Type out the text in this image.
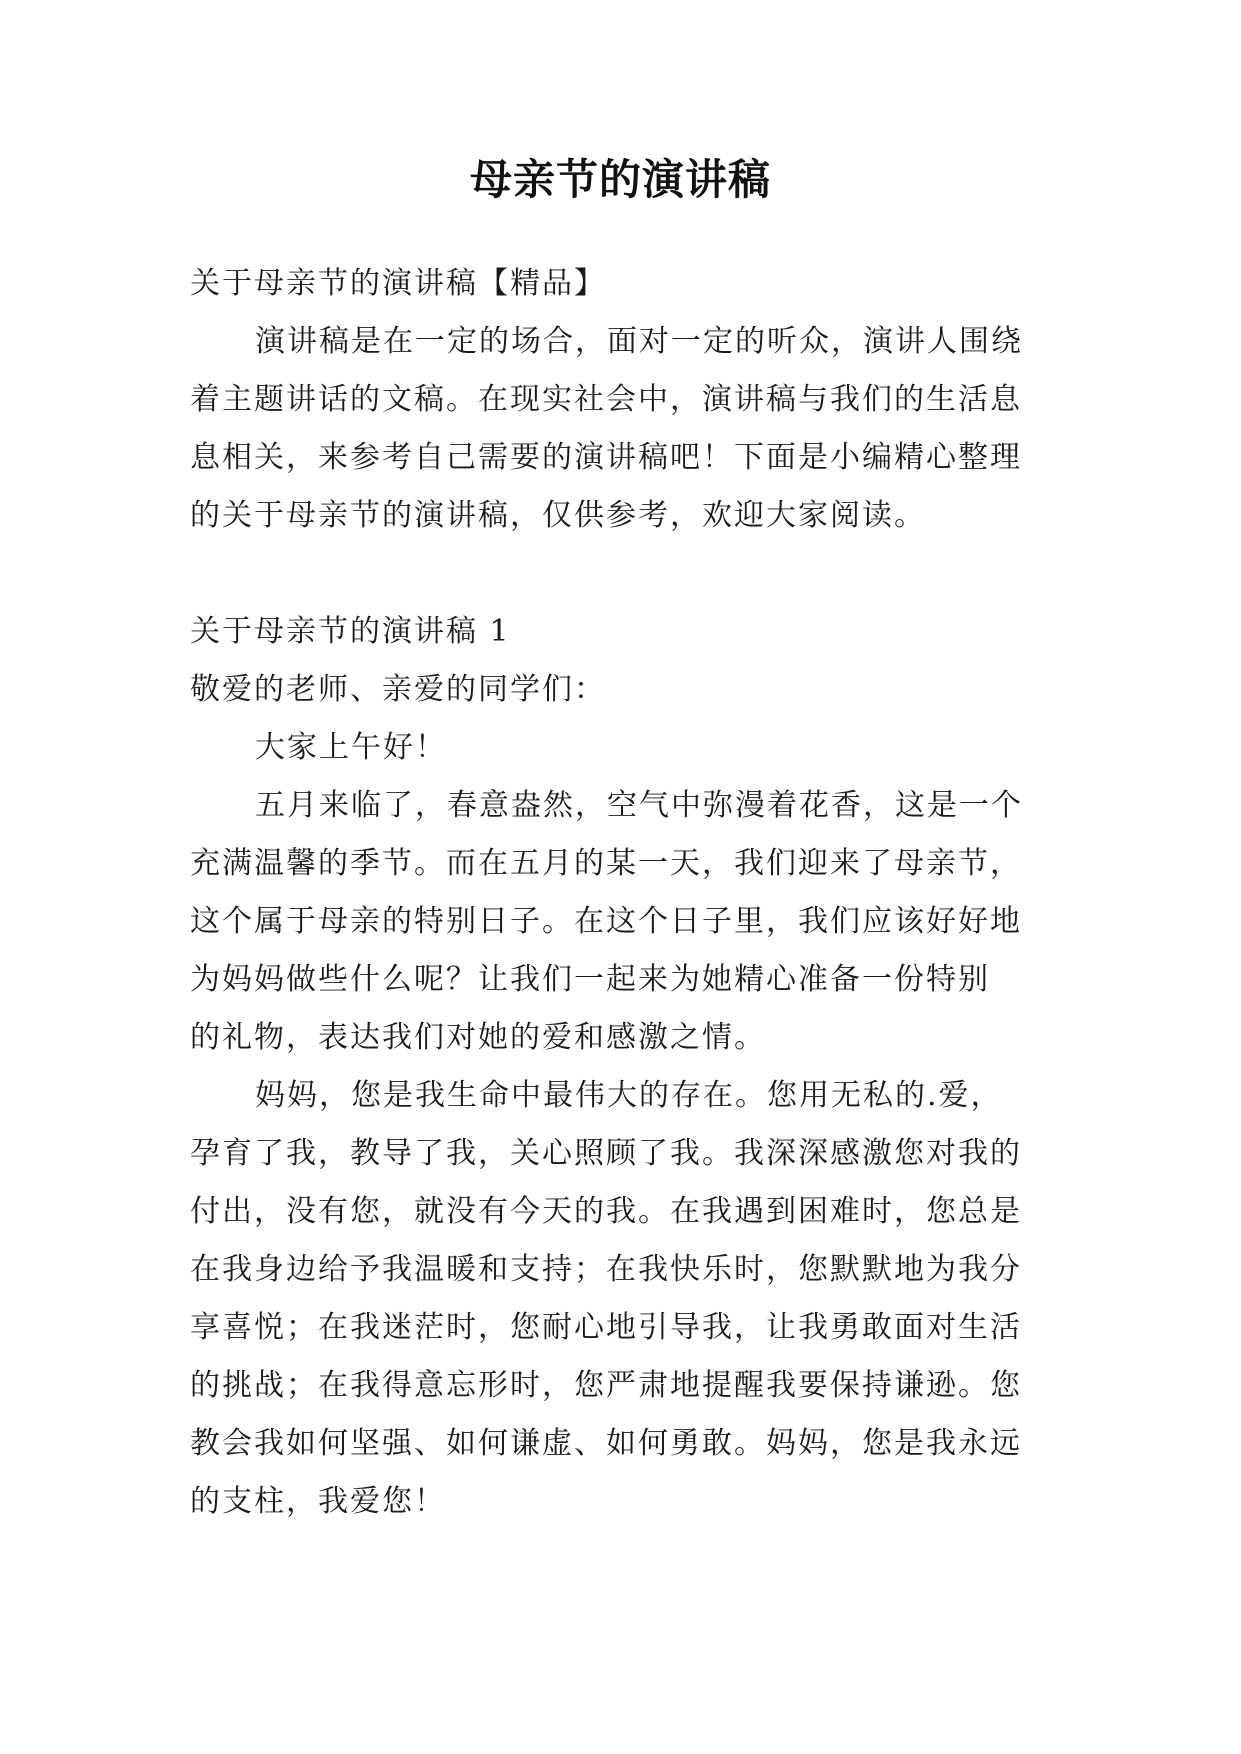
母亲节的演讲稿

关于母亲节的演讲稿【精品】

演讲稿是在一定的场合，面对一定的听众，演讲人围绕

着主题讲话的文稿。在现实社会中，演讲稿与我们的生活息

息相关，来参考自己需要的演讲稿吧！下面是小编精心整理

的关于母亲节的演讲稿，仅供参考，欢迎大家阅读。

关于母亲节的演讲稿 1

敬爱的老师、亲爱的同学们：

大家上午好！

五月来临了，春意盎然，空气中弥漫着花香，这是一个

充满温馨的季节。而在五月的某一天，我们迎来了母亲节，

这个属于母亲的特别日子。在这个日子里，我们应该好好地

为妈妈做些什么呢？让我们一起来为她精心准备一份特别

的礼物，表达我们对她的爱和感激之情。

妈妈，您是我生命中最伟大的存在。您用无私的.爱，

孕育了我，教导了我，关心照顾了我。我深深感激您对我的

付出，没有您，就没有今天的我。在我遇到困难时，您总是

在我身边给予我温暖和支持；在我快乐时，您默默地为我分

享喜悦；在我迷茫时，您耐心地引导我，让我勇敢面对生活

的挑战；在我得意忘形时，您严肃地提醒我要保持谦逊。您

教会我如何坚强、如何谦虚、如何勇敢。妈妈，您是我永远

的支柱，我爱您！
